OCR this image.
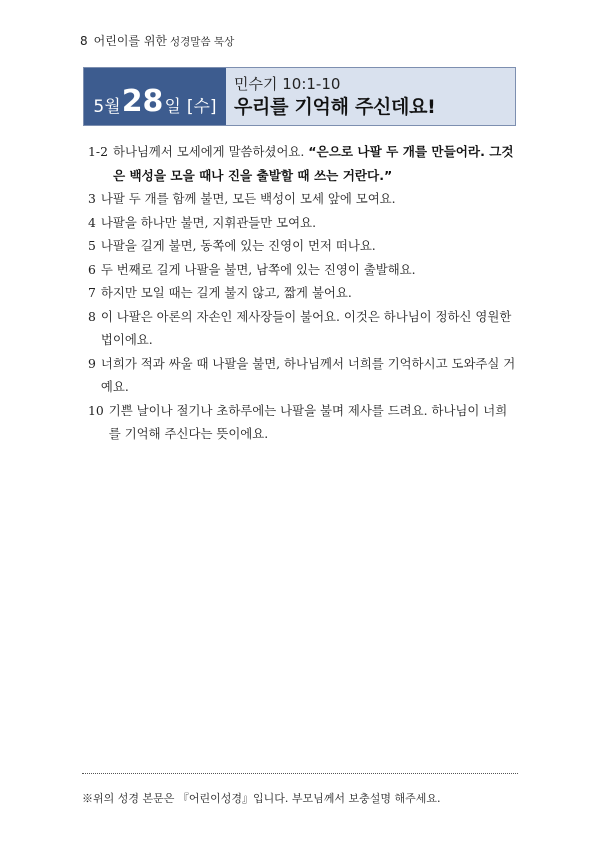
8 어린이를 위한 성경말씀 묵상
5 월 28 일 [수]
민수기 10:1-10
우리를 기억해 주신데요!
1-2 하나님께서 모세에게 말씀하셨어요. “은으로 나팔 두 개를 만들어라. 그것은 백성을 모을 때나 진을 출발할 때 쓰는 거란다.”
3 나팔 두 개를 함께 불면, 모든 백성이 모세 앞에 모여요.
4 나팔을 하나만 불면, 지휘관들만 모여요.
5 나팔을 길게 불면, 동쪽에 있는 진영이 먼저 떠나요.
6 두 번째로 길게 나팔을 불면, 남쪽에 있는 진영이 출발해요.
7 하지만 모일 때는 길게 불지 않고, 짧게 불어요.
8 이 나팔은 아론의 자손인 제사장들이 불어요. 이것은 하나님이 정하신 영원한 법이에요.
9 너희가 적과 싸울 때 나팔을 불면, 하나님께서 너희를 기억하시고 도와주실 거예요.
10 기쁜 날이나 절기나 초하루에는 나팔을 불며 제사를 드려요. 하나님이 너희를 기억해 주신다는 뜻이에요.
※위의 성경 본문은 『어린이성경』입니다. 부모님께서 보충설명 해주세요.
